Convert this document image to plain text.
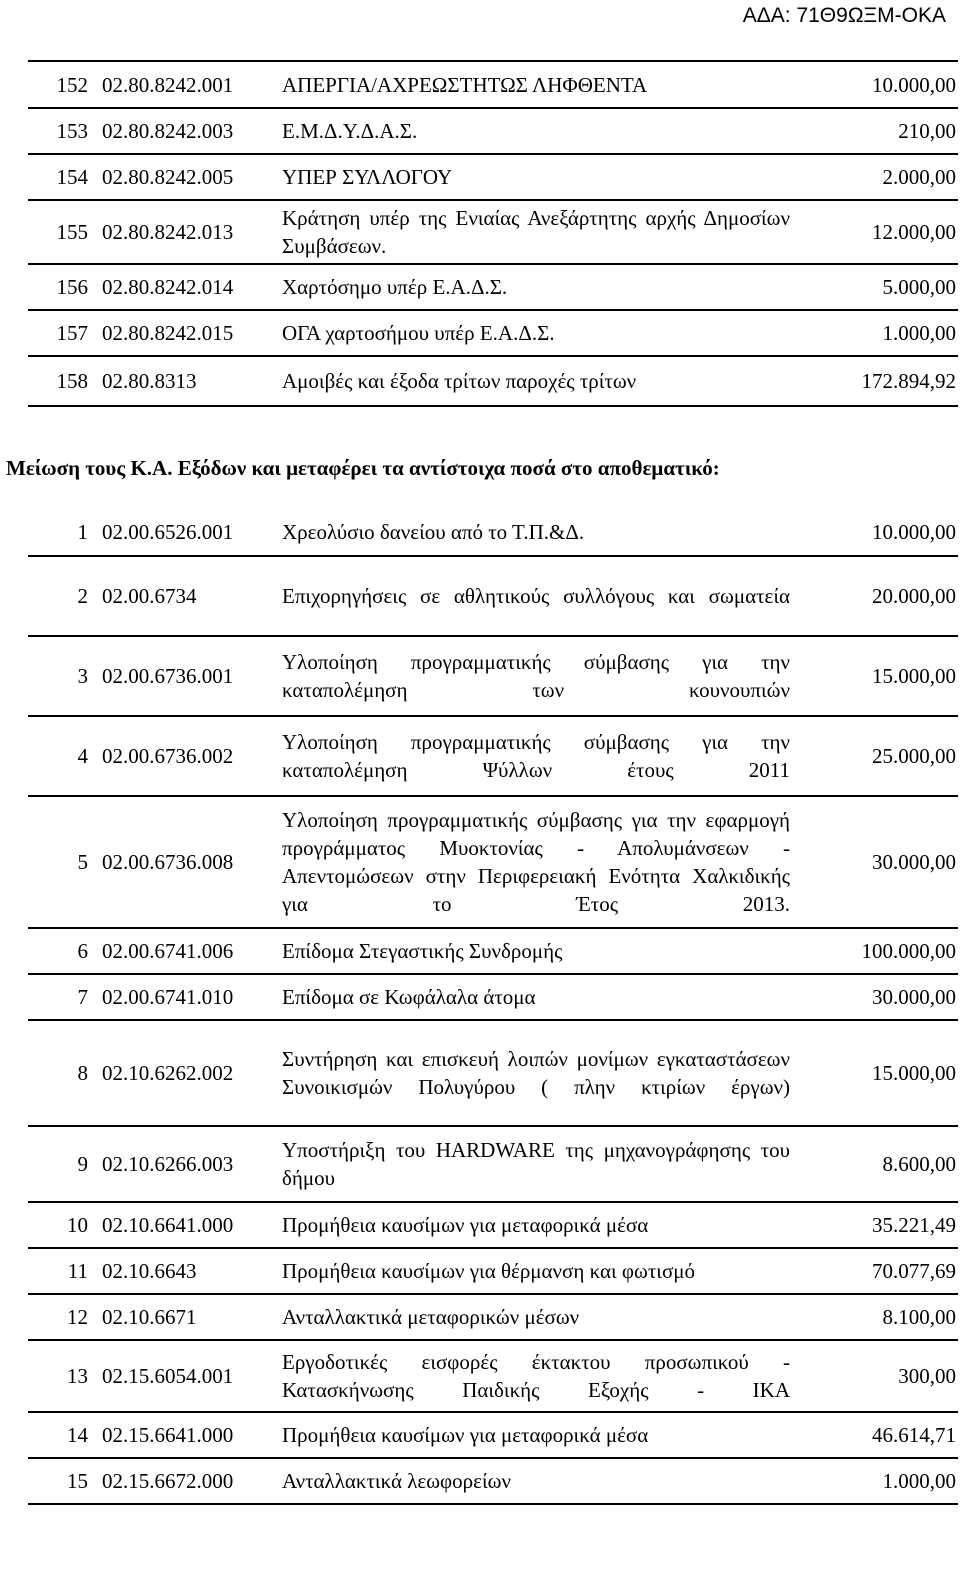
ΑΔΑ: 71Θ9ΩΞΜ-ΟΚΑ
152	02.80.8242.001	ΑΠΕΡΓΙΑ/ΑΧΡΕΩΣΤΗΤΩΣ ΛΗΦΘΕΝΤΑ	10.000,00
153	02.80.8242.003	Ε.Μ.Δ.Υ.Δ.Α.Σ.	210,00
154	02.80.8242.005	ΥΠΕΡ ΣΥΛΛΟΓΟΥ	2.000,00
155	02.80.8242.013	Κράτηση υπέρ της Ενιαίας Ανεξάρτητης αρχής Δημοσίων Συμβάσεων.	12.000,00
156	02.80.8242.014	Χαρτόσημο υπέρ Ε.Α.Δ.Σ.	5.000,00
157	02.80.8242.015	ΟΓΑ χαρτοσήμου υπέρ Ε.Α.Δ.Σ.	1.000,00
158	02.80.8313	Αμοιβές και έξοδα τρίτων παροχές τρίτων	172.894,92
Μείωση τους Κ.Α. Εξόδων και μεταφέρει τα αντίστοιχα ποσά στο αποθεματικό:
1	02.00.6526.001	Χρεολύσιο δανείου από το Τ.Π.&Δ.	10.000,00
2	02.00.6734	Επιχορηγήσεις σε αθλητικούς συλλόγους και σωματεία	20.000,00
3	02.00.6736.001	Υλοποίηση προγραμματικής σύμβασης για την καταπολέμηση των κουνουπιών	15.000,00
4	02.00.6736.002	Υλοποίηση προγραμματικής σύμβασης για την καταπολέμηση Ψύλλων έτους 2011	25.000,00
5	02.00.6736.008	Υλοποίηση προγραμματικής σύμβασης για την εφαρμογή προγράμματος Μυοκτονίας - Απολυμάνσεων - Απεντομώσεων στην Περιφερειακή Ενότητα Χαλκιδικής για το Έτος 2013.	30.000,00
6	02.00.6741.006	Επίδομα Στεγαστικής Συνδρομής	100.000,00
7	02.00.6741.010	Επίδομα σε Κωφάλαλα άτομα	30.000,00
8	02.10.6262.002	Συντήρηση και επισκευή λοιπών μονίμων εγκαταστάσεων Συνοικισμών Πολυγύρου ( πλην κτιρίων έργων)	15.000,00
9	02.10.6266.003	Υποστήριξη του HARDWARE της μηχανογράφησης του δήμου	8.600,00
10	02.10.6641.000	Προμήθεια καυσίμων για μεταφορικά μέσα	35.221,49
11	02.10.6643	Προμήθεια καυσίμων για θέρμανση και φωτισμό	70.077,69
12	02.10.6671	Ανταλλακτικά μεταφορικών μέσων	8.100,00
13	02.15.6054.001	Εργοδοτικές εισφορές έκτακτου προσωπικού - Κατασκήνωσης Παιδικής Εξοχής - ΙΚΑ	300,00
14	02.15.6641.000	Προμήθεια καυσίμων για μεταφορικά μέσα	46.614,71
15	02.15.6672.000	Ανταλλακτικά λεωφορείων	1.000,00
